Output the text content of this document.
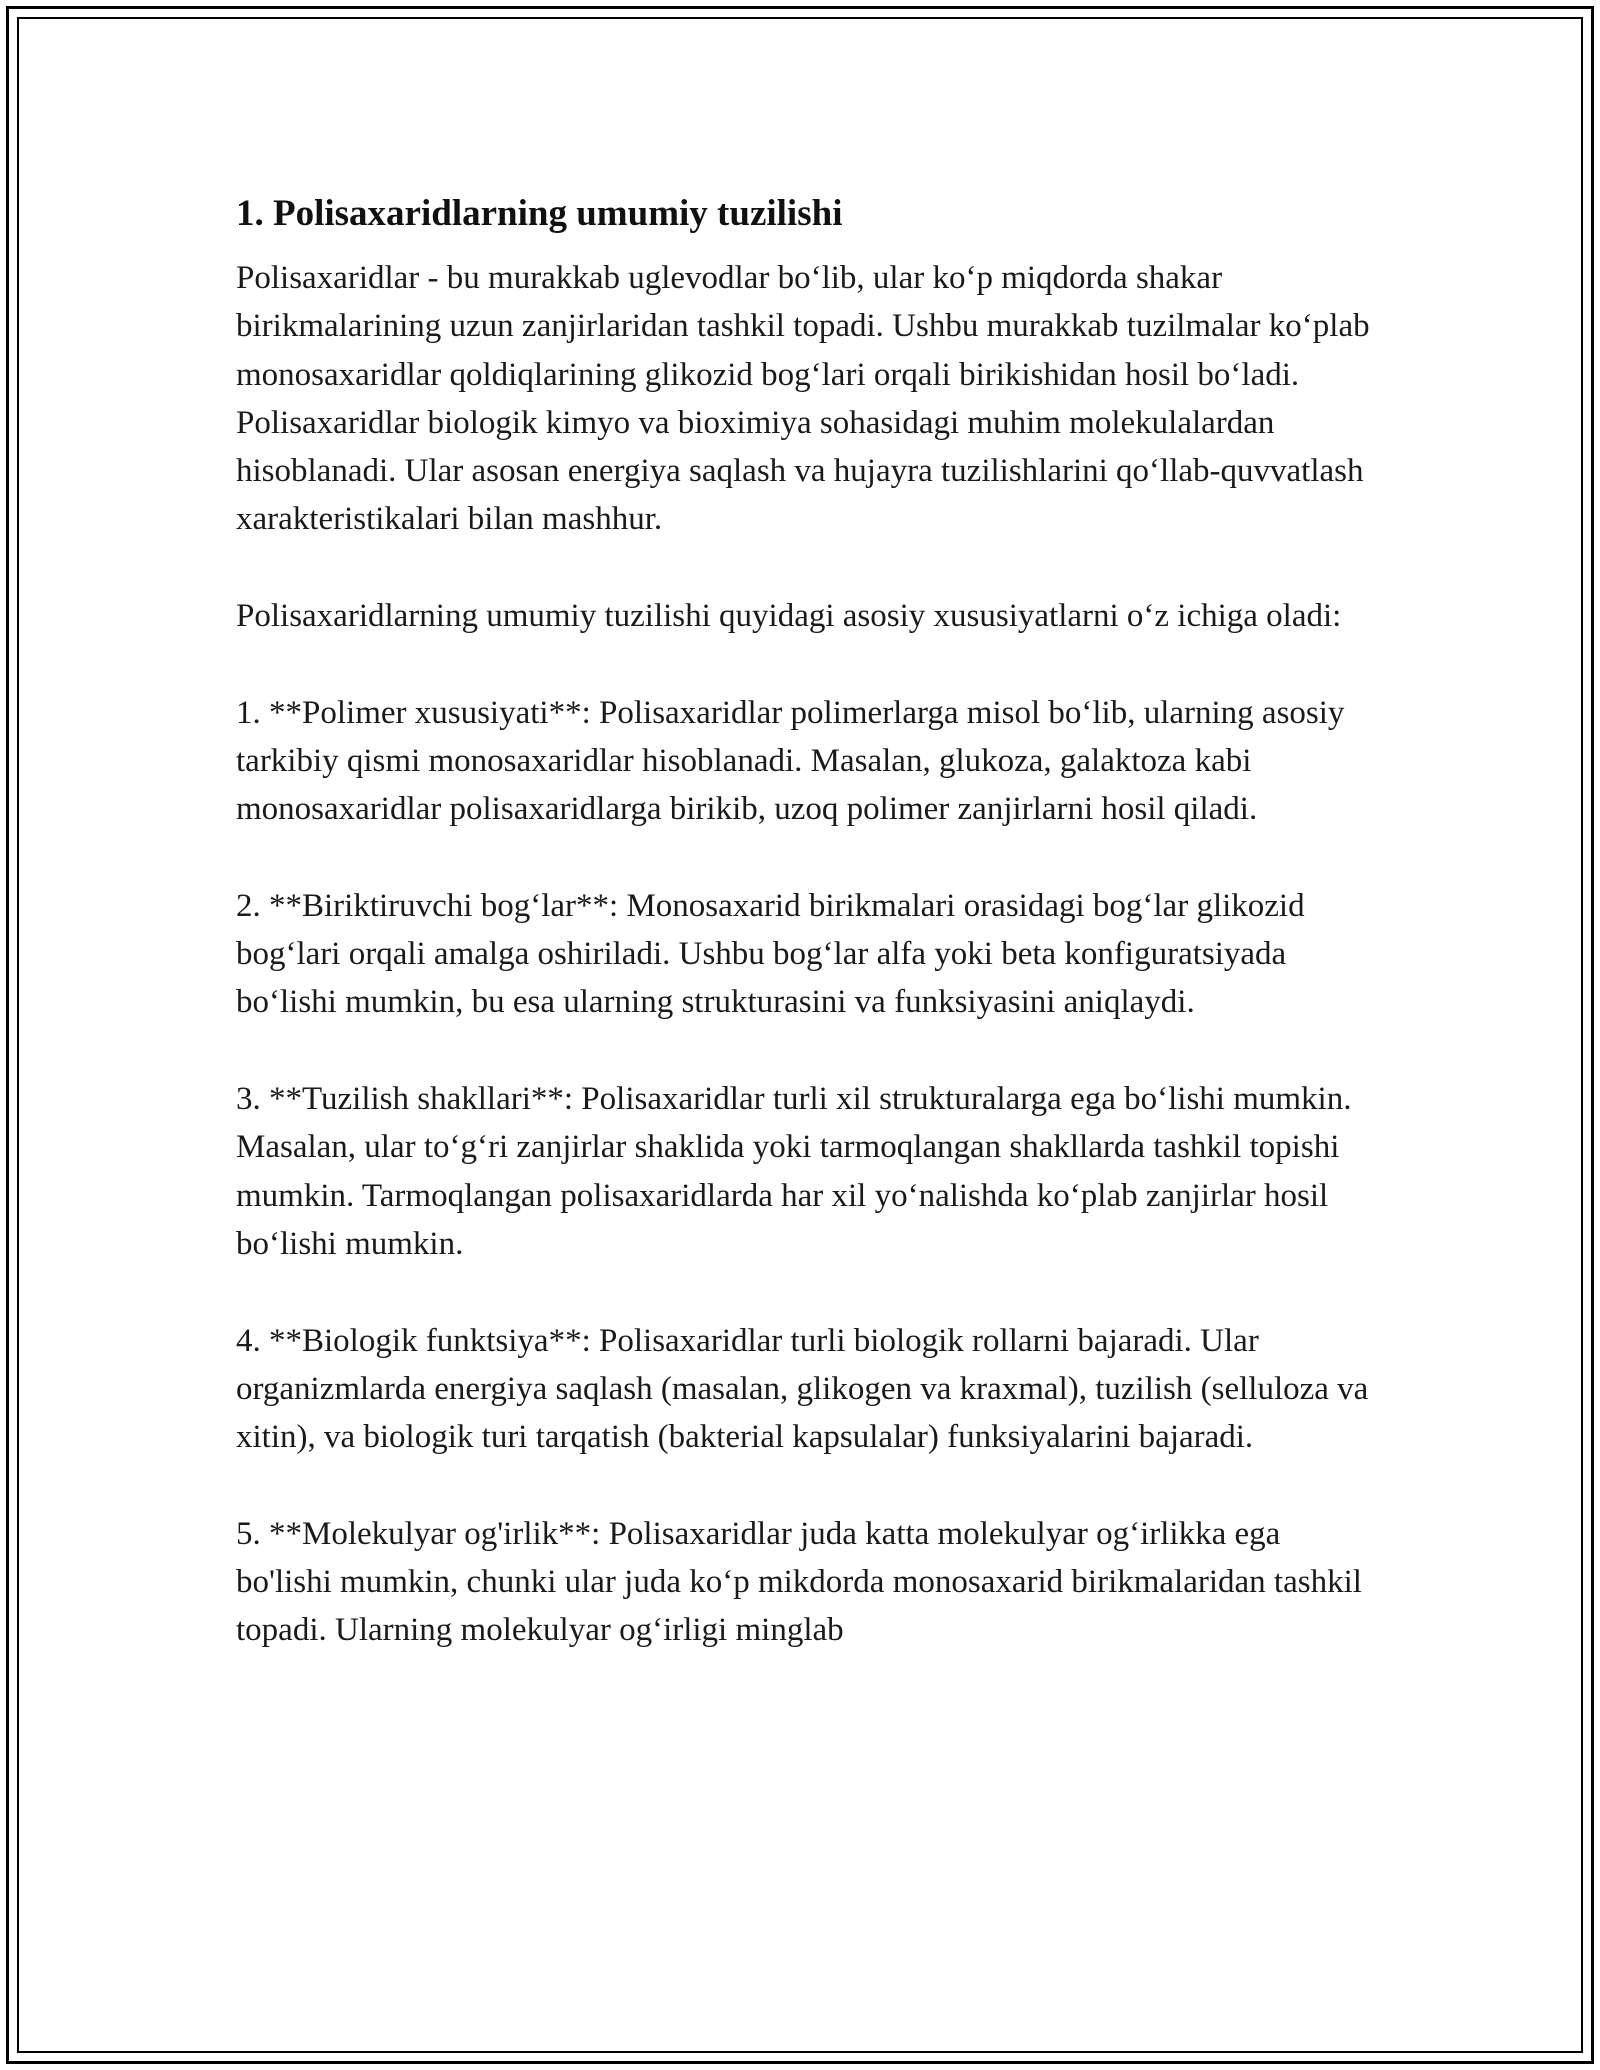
1. Polisaxaridlarning umumiy tuzilishi

Polisaxaridlar - bu murakkab uglevodlar bo‘lib, ular ko‘p miqdorda shakar birikmalarining uzun zanjirlaridan tashkil topadi. Ushbu murakkab tuzilmalar ko‘plab monosaxaridlar qoldiqlarining glikozid bog‘lari orqali birikishidan hosil bo‘ladi. Polisaxaridlar biologik kimyo va bioximiya sohasidagi muhim molekulalardan hisoblanadi. Ular asosan energiya saqlash va hujayra tuzilishlarini qo‘llab-quvvatlash xarakteristikalari bilan mashhur.

Polisaxaridlarning umumiy tuzilishi quyidagi asosiy xususiyatlarni o‘z ichiga oladi:

1. **Polimer xususiyati**: Polisaxaridlar polimerlarga misol bo‘lib, ularning asosiy tarkibiy qismi monosaxaridlar hisoblanadi. Masalan, glukoza, galaktoza kabi monosaxaridlar polisaxaridlarga birikib, uzoq polimer zanjirlarni hosil qiladi.

2. **Biriktiruvchi bog‘lar**: Monosaxarid birikmalari orasidagi bog‘lar glikozid bog‘lari orqali amalga oshiriladi. Ushbu bog‘lar alfa yoki beta konfiguratsiyada bo‘lishi mumkin, bu esa ularning strukturasini va funksiyasini aniqlaydi.

3. **Tuzilish shakllari**: Polisaxaridlar turli xil strukturalarga ega bo‘lishi mumkin. Masalan, ular to‘g‘ri zanjirlar shaklida yoki tarmoqlangan shakllarda tashkil topishi mumkin. Tarmoqlangan polisaxaridlarda har xil yo‘nalishda ko‘plab zanjirlar hosil bo‘lishi mumkin.

4. **Biologik funktsiya**: Polisaxaridlar turli biologik rollarni bajaradi. Ular organizmlarda energiya saqlash (masalan, glikogen va kraxmal), tuzilish (selluloza va xitin), va biologik turi tarqatish (bakterial kapsulalar) funksiyalarini bajaradi.

5. **Molekulyar og'irlik**: Polisaxaridlar juda katta molekulyar og‘irlikka ega bo'lishi mumkin, chunki ular juda ko‘p mikdorda monosaxarid birikmalaridan tashkil topadi. Ularning molekulyar og‘irligi minglab
